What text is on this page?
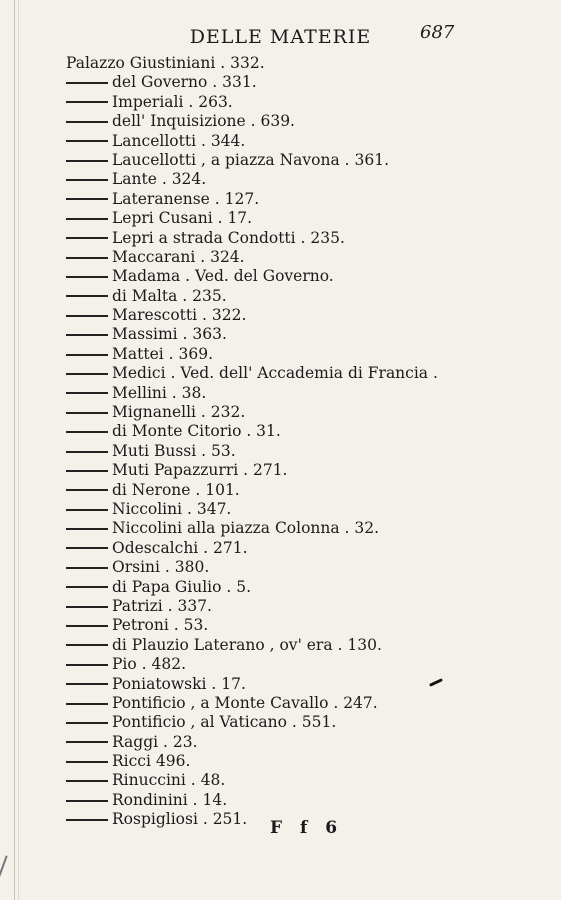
DELLE MATERIE	687
Palazzo Giustiniani . 332.
del Governo . 331.
Imperiali . 263.
dell' Inquisizione . 639.
Lancellotti . 344.
Laucellotti , a piazza Navona . 361.
Lante . 324.
Lateranense . 127.
Lepri Cusani . 17.
Lepri a strada Condotti . 235.
Maccarani . 324.
Madama . Ved. del Governo.
di Malta . 235.
Marescotti . 322.
Massimi . 363.
Mattei . 369.
Medici . Ved. dell' Accademia di Francia .
Mellini . 38.
Mignanelli . 232.
di Monte Citorio . 31.
Muti Bussi . 53.
Muti Papazzurri . 271.
di Nerone . 101.
Niccolini . 347.
Niccolini alla piazza Colonna . 32.
Odescalchi . 271.
Orsini . 380.
di Papa Giulio . 5.
Patrizi . 337.
Petroni . 53.
di Plauzio Laterano , ov' era . 130.
Pio . 482.
Poniatowski . 17.
Pontificio , a Monte Cavallo . 247.
Pontificio , al Vaticano . 551.
Raggi . 23.
Ricci 496.
Rinuccini . 48.
Rondinini . 14.
Rospigliosi . 251. F f 6
